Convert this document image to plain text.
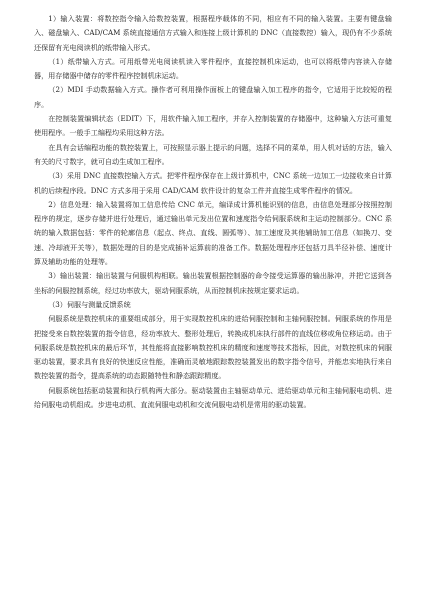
1）输入装置：将数控指令输入给数控装置，根据程序载体的不同，相应有不同的输入装置。主要有键盘输入、磁盘输入、CAD/CAM 系统直接通信方式输入和连接上级计算机的 DNC（直接数控）输入，现仍有不少系统还保留有光电阅读机的纸带输入形式。

（1）纸带输入方式。可用纸带光电阅读机读入零件程序，直接控制机床运动，也可以将纸带内容读入存储器，用存储器中储存的零件程序控制机床运动。

（2）MDI 手动数据输入方式。操作者可利用操作面板上的键盘输入加工程序的指令，它适用于比较短的程序。

在控制装置编辑状态（EDIT）下，用软件输入加工程序，并存入控制装置的存储器中，这种输入方法可重复使用程序。一般手工编程均采用这种方法。

在具有会话编程功能的数控装置上，可按照显示器上提示的问题，选择不同的菜单，用人机对话的方法，输入有关的尺寸数字，就可自动生成加工程序。

（3）采用 DNC 直接数控输入方式。把零件程序保存在上级计算机中，CNC 系统一边加工一边接收来自计算机的后续程序段。DNC 方式多用于采用 CAD/CAM 软件设计的复杂工件并直接生成零件程序的情况。

2）信息处理：输入装置将加工信息传给 CNC 单元，编译成计算机能识别的信息，由信息处理部分按照控制程序的规定，逐步存储并进行处理后，通过输出单元发出位置和速度指令给伺服系统和主运动控制部分。CNC 系统的输入数据包括：零件的轮廓信息（起点、终点、直线、圆弧等）、加工速度及其他辅助加工信息（如换刀、变速、冷却液开关等），数据处理的目的是完成插补运算前的准备工作。数据处理程序还包括刀具半径补偿、速度计算及辅助功能的处理等。

3）输出装置：输出装置与伺服机构相联。输出装置根据控制器的命令接受运算器的输出脉冲，并把它送到各坐标的伺服控制系统，经过功率放大，驱动伺服系统，从而控制机床按规定要求运动。

（3）伺服与测量反馈系统

伺服系统是数控机床的重要组成部分，用于实现数控机床的进给伺服控制和主轴伺服控制。伺服系统的作用是把接受来自数控装置的指令信息，经功率放大、整形处理后，转换成机床执行部件的直线位移或角位移运动。由于伺服系统是数控机床的最后环节，其性能将直接影响数控机床的精度和速度等技术指标，因此，对数控机床的伺服驱动装置，要求具有良好的快速反应性能，准确而灵敏地跟踪数控装置发出的数字指令信号，并能忠实地执行来自数控装置的指令，提高系统的动态跟随特性和静态跟踪精度。

伺服系统包括驱动装置和执行机构两大部分。驱动装置由主轴驱动单元、进给驱动单元和主轴伺服电动机、进给伺服电动机组成。步进电动机、直流伺服电动机和交流伺服电动机是常用的驱动装置。
